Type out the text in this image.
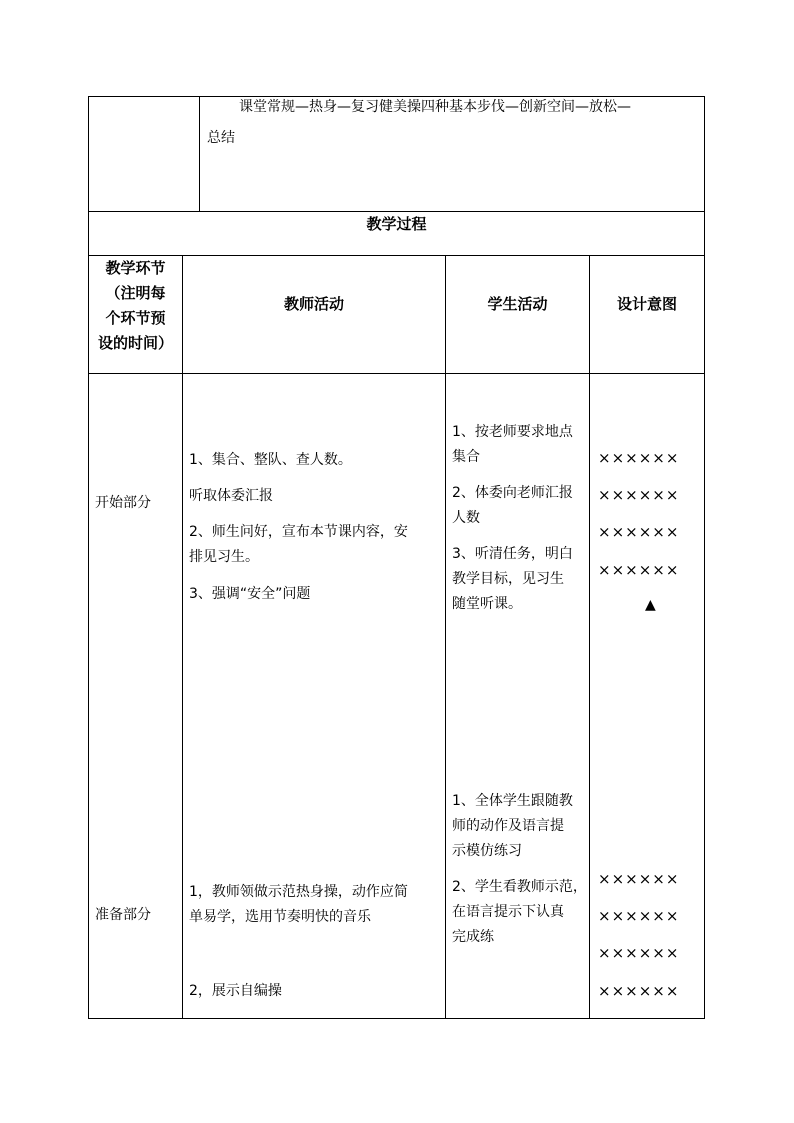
课堂常规—热身—复习健美操四种基本步伐—创新空间—放松—
总结
教学过程
教学环节
（注明每
个环节预
设的时间）
教师活动	学生活动	设计意图
开始部分
1、集合、整队、查人数。
听取体委汇报
2、师生问好，宣布本节课内容，安
排见习生。
3、强调“安全”问题
1、按老师要求地点
集合
2、体委向老师汇报
人数
3、听清任务，明白
教学目标，见习生
随堂听课。
××××××
××××××
××××××
××××××
▲
准备部分
1，教师领做示范热身操，动作应简
单易学，选用节奏明快的音乐
2，展示自编操
1、全体学生跟随教
师的动作及语言提
示模仿练习
2、学生看教师示范，
在语言提示下认真
完成练
××××××
××××××
××××××
××××××
